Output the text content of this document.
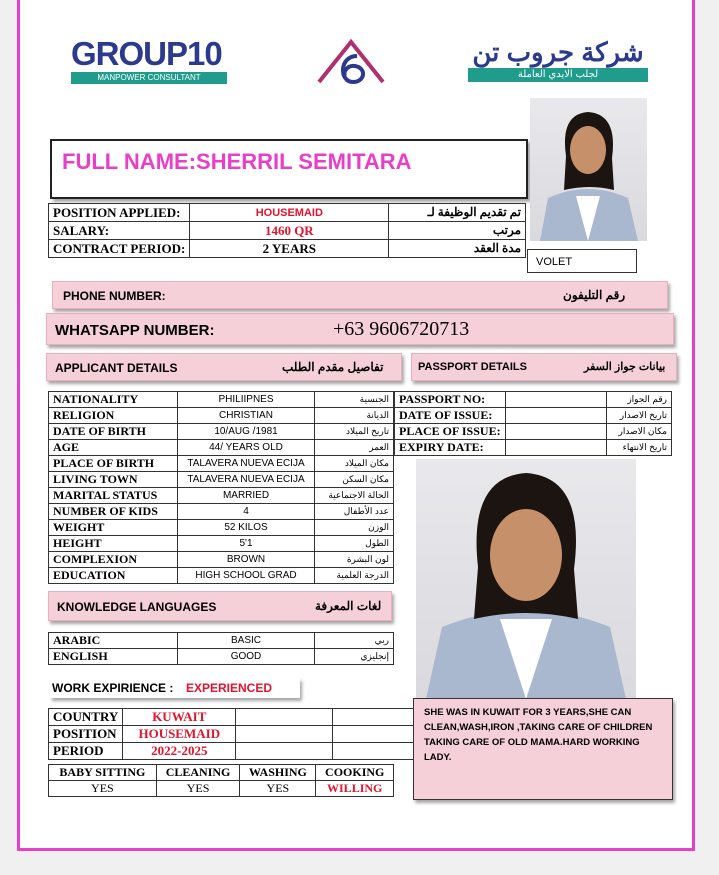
GROUP10
MANPOWER CONSULTANT
شركة جروب تن
لجلب الايدي العاملة
FULL NAME:SHERRIL SEMITARA
VOLET
POSITION APPLIED:	HOUSEMAID	تم تقديم الوظيفة لـ
SALARY:	1460 QR	مرتب
CONTRACT PERIOD:	2 YEARS	مدة العقد
PHONE NUMBER:	رقم التليفون
WHATSAPP NUMBER:	+63 9606720713
APPLICANT DETAILS	تفاصيل مقدم الطلب	PASSPORT DETAILS	بيانات جواز السفر
NATIONALITY	PHILIIPNES	الجنسية
RELIGION	CHRISTIAN	الديانة
DATE OF BIRTH	10/AUG /1981	تاريخ الميلاد
AGE	44/ YEARS OLD	العمر
PLACE OF BIRTH	TALAVERA NUEVA ECIJA	مكان الميلاد
LIVING TOWN	TALAVERA NUEVA ECIJA	مكان السكن
MARITAL STATUS	MARRIED	الحالة الاجتماعية
NUMBER OF KIDS	4	عدد الأطفال
WEIGHT	52 KILOS	الوزن
HEIGHT	5'1	الطول
COMPLEXION	BROWN	لون البشرة
EDUCATION	HIGH SCHOOL GRAD	الدرجة العلمية
PASSPORT NO:		رقم الجواز
DATE OF ISSUE:		تاريخ الاصدار
PLACE OF ISSUE:		مكان الاصدار
EXPIRY DATE:		تاريخ الانتهاء
KNOWLEDGE LANGUAGES	لغات المعرفة
ARABIC	BASIC	ربي
ENGLISH	GOOD	إنجليزي
WORK EXPIRIENCE : EXPERIENCED
COUNTRY	KUWAIT		
POSITION	HOUSEMAID		
PERIOD	2022-2025		
BABY SITTING	CLEANING	WASHING	COOKING
YES	YES	YES	WILLING
SHE WAS IN KUWAIT FOR 3 YEARS,SHE CAN CLEAN,WASH,IRON ,TAKING CARE OF CHILDREN TAKING CARE OF OLD MAMA.HARD WORKING LADY.
